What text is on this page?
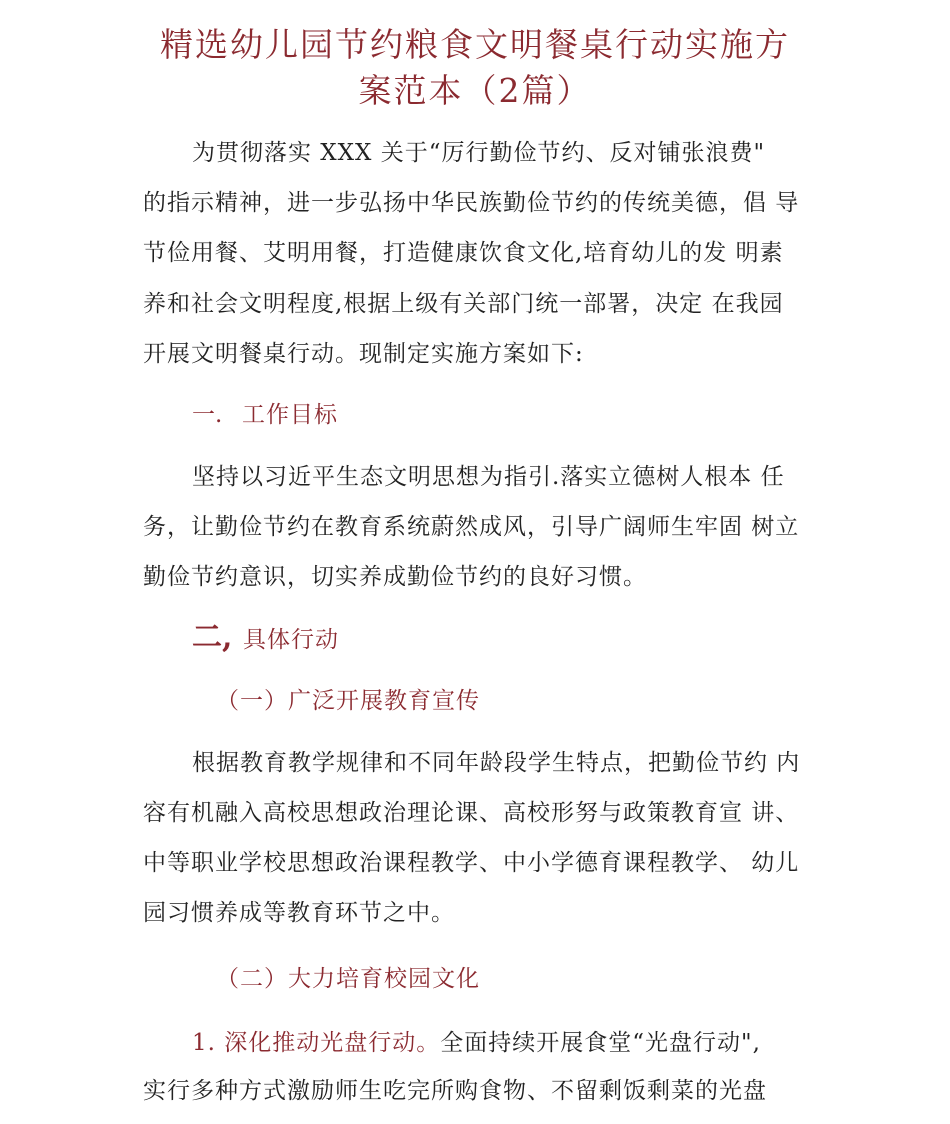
精选幼儿园节约粮食文明餐桌行动实施方
案范本（2篇）
为贯彻落实 XXX 关于“厉行勤俭节约、反对铺张浪费"
的指示精神，进一步弘扬中华民族勤俭节约的传统美德，倡 导
节俭用餐、艾明用餐，打造健康饮食文化,培育幼儿的发 明素
养和社会文明程度,根据上级有关部门统一部署，决定 在我园
开展文明餐桌行动。现制定实施方案如下:
一. 工作目标
坚持以习近平生态文明思想为指引.落实立德树人根本 任
务，让勤俭节约在教育系统蔚然成风，引导广阔师生牢固 树立
勤俭节约意识，切实养成勤俭节约的良好习惯。
二, 具体行动
（一）广泛开展教育宣传
根据教育教学规律和不同年龄段学生特点，把勤俭节约 内
容有机融入高校思想政治理论课、高校形努与政策教育宣 讲、
中等职业学校思想政治课程教学、中小学德育课程教学、 幼儿
园习惯养成等教育环节之中。
（二）大力培育校园文化
1. 深化推动光盘行动。全面持续开展食堂“光盘行动",
实行多种方式激励师生吃完所购食物、不留剩饭剩菜的光盘
